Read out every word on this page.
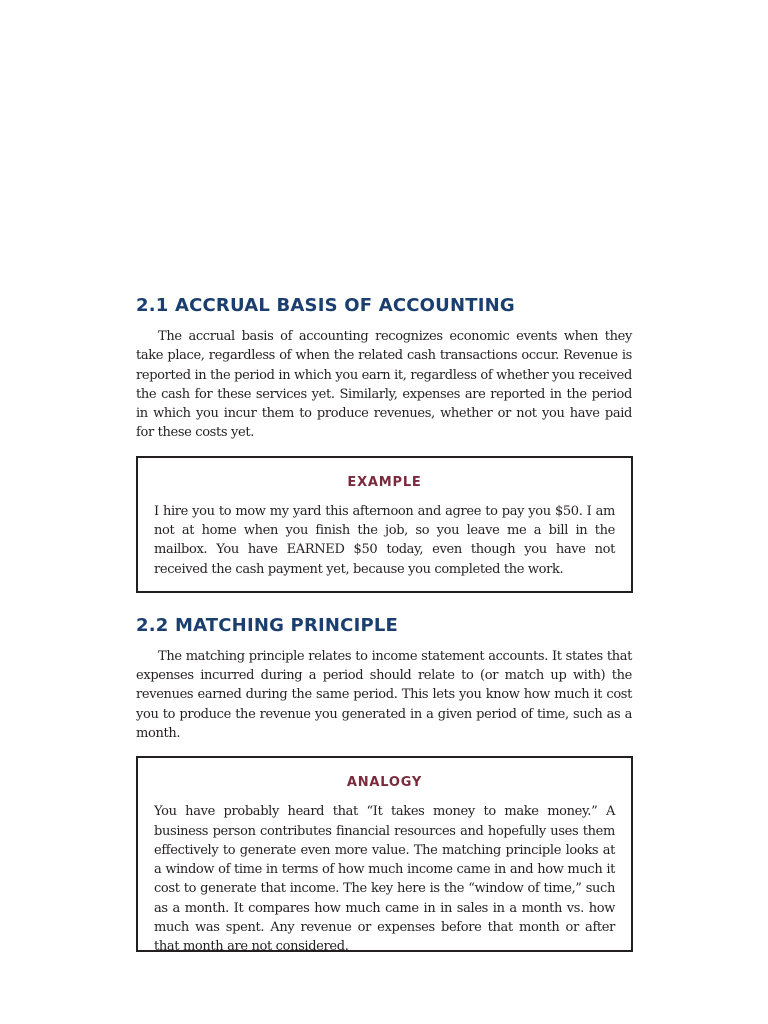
2.1 ACCRUAL BASIS OF ACCOUNTING

The accrual basis of accounting recognizes economic events when they take place, regardless of when the related cash transactions occur. Revenue is reported in the period in which you earn it, regardless of whether you received the cash for these services yet. Similarly, expenses are reported in the period in which you incur them to produce revenues, whether or not you have paid for these costs yet.

EXAMPLE

I hire you to mow my yard this afternoon and agree to pay you $50. I am not at home when you finish the job, so you leave me a bill in the mailbox. You have EARNED $50 today, even though you have not received the cash payment yet, because you completed the work.

2.2 MATCHING PRINCIPLE

The matching principle relates to income statement accounts. It states that expenses incurred during a period should relate to (or match up with) the revenues earned during the same period. This lets you know how much it cost you to produce the revenue you generated in a given period of time, such as a month.

ANALOGY

You have probably heard that “It takes money to make money.” A business person contributes financial resources and hopefully uses them effectively to generate even more value. The matching principle looks at a window of time in terms of how much income came in and how much it cost to generate that income. The key here is the “window of time,” such as a month. It compares how much came in in sales in a month vs. how much was spent. Any revenue or expenses before that month or after that month are not considered.
